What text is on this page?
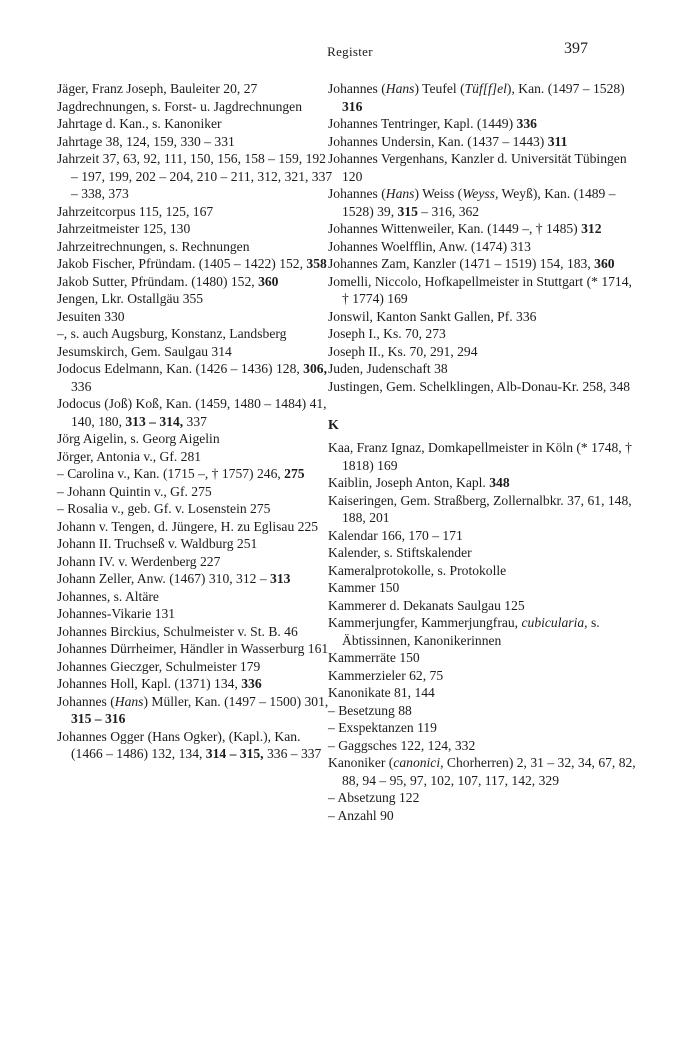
Register	397

Jäger, Franz Joseph, Bauleiter 20, 27

Jagdrechnungen, s. Forst- u. Jagdrechnungen

Jahrtage d. Kan., s. Kanoniker

Jahrtage 38, 124, 159, 330 – 331

Jahrzeit 37, 63, 92, 111, 150, 156, 158 – 159, 192 – 197, 199, 202 – 204, 210 – 211, 312, 321, 337 – 338, 373

Jahrzeitcorpus 115, 125, 167

Jahrzeitmeister 125, 130

Jahrzeitrechnungen, s. Rechnungen

Jakob Fischer, Pfründam. (1405 – 1422) 152, 358

Jakob Sutter, Pfründam. (1480) 152, 360

Jengen, Lkr. Ostallgäu 355

Jesuiten 330

–, s. auch Augsburg, Konstanz, Landsberg

Jesumskirch, Gem. Saulgau 314

Jodocus Edelmann, Kan. (1426 – 1436) 128, 306, 336

Jodocus (Joß) Koß, Kan. (1459, 1480 – 1484) 41, 140, 180, 313 – 314, 337

Jörg Aigelin, s. Georg Aigelin

Jörger, Antonia v., Gf. 281

– Carolina v., Kan. (1715 –, † 1757) 246, 275

– Johann Quintin v., Gf. 275

– Rosalia v., geb. Gf. v. Losenstein 275

Johann v. Tengen, d. Jüngere, H. zu Eglisau 225

Johann II. Truchseß v. Waldburg 251

Johann IV. v. Werdenberg 227

Johann Zeller, Anw. (1467) 310, 312 – 313

Johannes, s. Altäre

Johannes-Vikarie 131

Johannes Birckius, Schulmeister v. St. B. 46

Johannes Dürrheimer, Händler in Wasserburg 161

Johannes Gieczger, Schulmeister 179

Johannes Holl, Kapl. (1371) 134, 336

Johannes (Hans) Müller, Kan. (1497 – 1500) 301, 315 – 316

Johannes Ogger (Hans Ogker), (Kapl.), Kan. (1466 – 1486) 132, 134, 314 – 315, 336 – 337

Johannes (Hans) Teufel (Tüf[f]el), Kan. (1497 – 1528) 316

Johannes Tentringer, Kapl. (1449) 336

Johannes Undersin, Kan. (1437 – 1443) 311

Johannes Vergenhans, Kanzler d. Universität Tübingen 120

Johannes (Hans) Weiss (Weyss, Weyß), Kan. (1489 – 1528) 39, 315 – 316, 362

Johannes Wittenweiler, Kan. (1449 –, † 1485) 312

Johannes Woelfflin, Anw. (1474) 313

Johannes Zam, Kanzler (1471 – 1519) 154, 183, 360

Jomelli, Niccolo, Hofkapellmeister in Stuttgart (* 1714, † 1774) 169

Jonswil, Kanton Sankt Gallen, Pf. 336

Joseph I., Ks. 70, 273

Joseph II., Ks. 70, 291, 294

Juden, Judenschaft 38

Justingen, Gem. Schelklingen, Alb-Donau-Kr. 258, 348

K

Kaa, Franz Ignaz, Domkapellmeister in Köln (* 1748, † 1818) 169

Kaiblin, Joseph Anton, Kapl. 348

Kaiseringen, Gem. Straßberg, Zollernalbkr. 37, 61, 148, 188, 201

Kalendar 166, 170 – 171

Kalender, s. Stiftskalender

Kameralprotokolle, s. Protokolle

Kammer 150

Kammerer d. Dekanats Saulgau 125

Kammerjungfer, Kammerjungfrau, cubicularia, s. Äbtissinnen, Kanonikerinnen

Kammerräte 150

Kammerzieler 62, 75

Kanonikate 81, 144

– Besetzung 88

– Exspektanzen 119

– Gaggsches 122, 124, 332

Kanoniker (canonici, Chorherren) 2, 31 – 32, 34, 67, 82, 88, 94 – 95, 97, 102, 107, 117, 142, 329

– Absetzung 122

– Anzahl 90
